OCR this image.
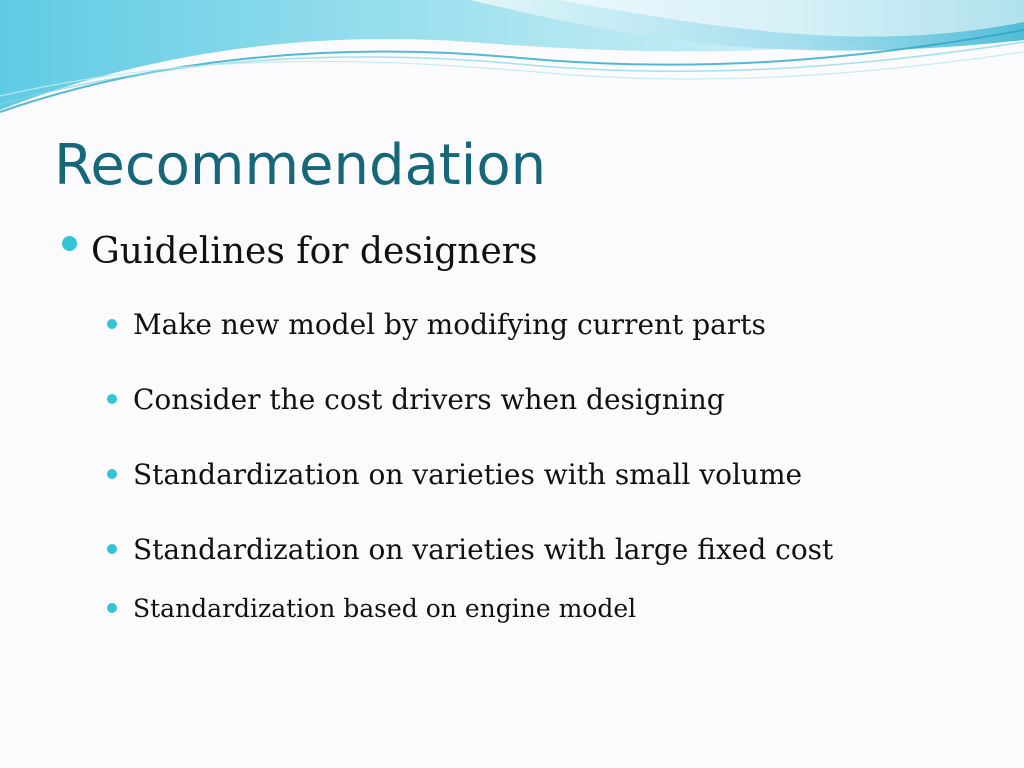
Recommendation
Guidelines for designers
Make new model by modifying current parts
Consider the cost drivers when designing
Standardization on varieties with small volume
Standardization on varieties with large fixed cost
Standardization based on engine model
